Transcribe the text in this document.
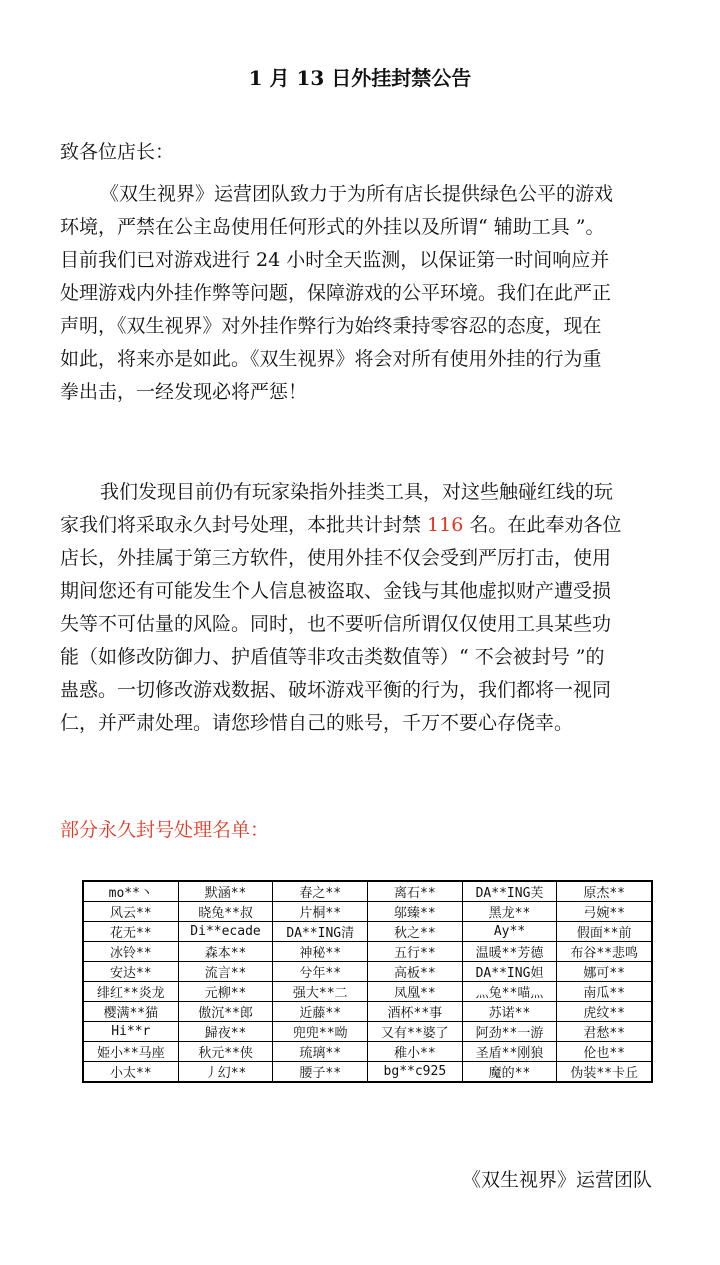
1 月 13 日外挂封禁公告
致各位店长：
《双生视界》运营团队致力于为所有店长提供绿色公平的游戏
环境，严禁在公主岛使用任何形式的外挂以及所谓“ 辅助工具 ”。
目前我们已对游戏进行 24 小时全天监测，以保证第一时间响应并
处理游戏内外挂作弊等问题，保障游戏的公平环境。我们在此严正
声明，《双生视界》对外挂作弊行为始终秉持零容忍的态度，现在
如此，将来亦是如此。《双生视界》将会对所有使用外挂的行为重
拳出击，一经发现必将严惩！
我们发现目前仍有玩家染指外挂类工具，对这些触碰红线的玩
家我们将采取永久封号处理，本批共计封禁 116 名。在此奉劝各位
店长，外挂属于第三方软件，使用外挂不仅会受到严厉打击，使用
期间您还有可能发生个人信息被盗取、金钱与其他虚拟财产遭受损
失等不可估量的风险。同时，也不要听信所谓仅仅使用工具某些功
能（如修改防御力、护盾值等非攻击类数值等）“ 不会被封号 ”的
蛊惑。一切修改游戏数据、破坏游戏平衡的行为，我们都将一视同
仁，并严肃处理。请您珍惜自己的账号，千万不要心存侥幸。
部分永久封号处理名单：
mo**丶	默涵**	春之**	离石**	DA**ING芙	原杰**
风云**	晓兔**叔	片桐**	邬臻**	黑龙**	弓婉**
花无**	Di**ecade	DA**ING清	秋之**	Ay**	假面**前
冰铃**	森本**	神秘**	五行**	温暖**芳德	布谷**悲鸣
安达**	流言**	兮年**	高板**	DA**ING妲	娜可**
绯红**炎龙	元柳**	强大**二	凤凰**	灬兔**喵灬	南瓜**
樱满**猫	傲沉**郎	近藤**	酒杯**事	苏诺**	虎纹**
Hi**r	歸夜**	兜兜**呦	又有**婆了	阿劲**一游	君愁**
姫小**马座	秋元**侠	琉璃**	稚小**	圣盾**刚狼	伦也**
小太**	丿幻**	腰子**	bg**c925	魔的**	伪装**卡丘
《双生视界》运营团队
